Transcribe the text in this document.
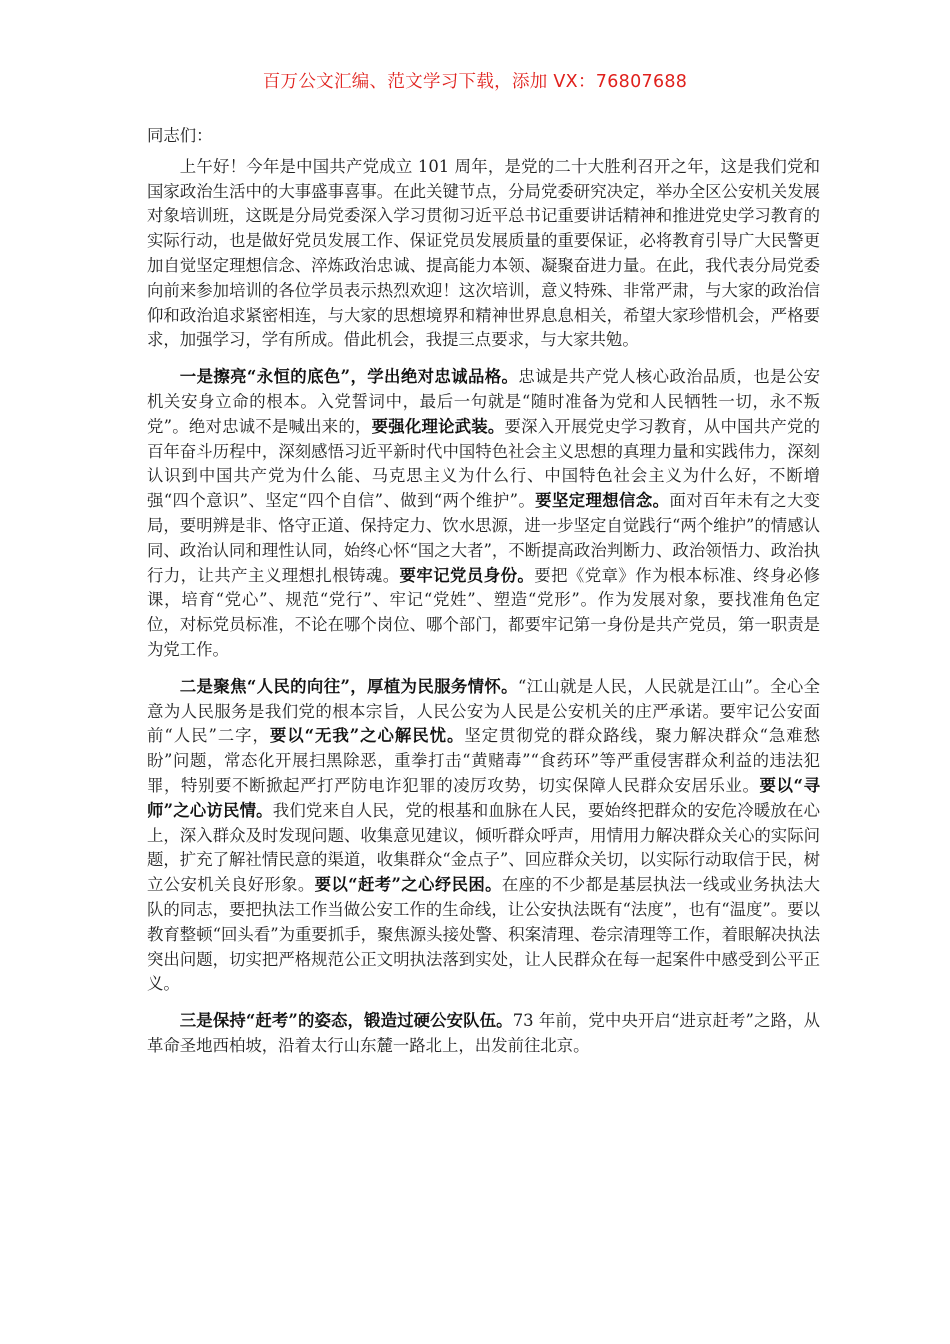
百万公文汇编、范文学习下载，添加 VX：76807688

同志们：

上午好！今年是中国共产党成立 101 周年，是党的二十大胜利召开之年，这是我们党和国家政治生活中的大事盛事喜事。在此关键节点，分局党委研究决定，举办全区公安机关发展对象培训班，这既是分局党委深入学习贯彻习近平总书记重要讲话精神和推进党史学习教育的实际行动，也是做好党员发展工作、保证党员发展质量的重要保证，必将教育引导广大民警更加自觉坚定理想信念、淬炼政治忠诚、提高能力本领、凝聚奋进力量。在此，我代表分局党委向前来参加培训的各位学员表示热烈欢迎！这次培训，意义特殊、非常严肃，与大家的政治信仰和政治追求紧密相连，与大家的思想境界和精神世界息息相关，希望大家珍惜机会，严格要求，加强学习，学有所成。借此机会，我提三点要求，与大家共勉。

一是擦亮“永恒的底色”，学出绝对忠诚品格。忠诚是共产党人核心政治品质，也是公安机关安身立命的根本。入党誓词中，最后一句就是“随时准备为党和人民牺牲一切，永不叛党”。绝对忠诚不是喊出来的，要强化理论武装。要深入开展党史学习教育，从中国共产党的百年奋斗历程中，深刻感悟习近平新时代中国特色社会主义思想的真理力量和实践伟力，深刻认识到中国共产党为什么能、马克思主义为什么行、中国特色社会主义为什么好，不断增强“四个意识”、坚定“四个自信”、做到“两个维护”。要坚定理想信念。面对百年未有之大变局，要明辨是非、恪守正道、保持定力、饮水思源，进一步坚定自觉践行“两个维护”的情感认同、政治认同和理性认同，始终心怀“国之大者”，不断提高政治判断力、政治领悟力、政治执行力，让共产主义理想扎根铸魂。要牢记党员身份。要把《党章》作为根本标准、终身必修课，培育“党心”、规范“党行”、牢记“党姓”、塑造“党形”。作为发展对象，要找准角色定位，对标党员标准，不论在哪个岗位、哪个部门，都要牢记第一身份是共产党员，第一职责是为党工作。

二是聚焦“人民的向往”，厚植为民服务情怀。“江山就是人民，人民就是江山”。全心全意为人民服务是我们党的根本宗旨，人民公安为人民是公安机关的庄严承诺。要牢记公安面前“人民”二字，要以“无我”之心解民忧。坚定贯彻党的群众路线，聚力解决群众“急难愁盼”问题，常态化开展扫黑除恶，重拳打击“黄赌毒”“食药环”等严重侵害群众利益的违法犯罪，特别要不断掀起严打严防电诈犯罪的凌厉攻势，切实保障人民群众安居乐业。要以“寻师”之心访民情。我们党来自人民，党的根基和血脉在人民，要始终把群众的安危冷暖放在心上，深入群众及时发现问题、收集意见建议，倾听群众呼声，用情用力解决群众关心的实际问题，扩充了解社情民意的渠道，收集群众“金点子”、回应群众关切，以实际行动取信于民，树立公安机关良好形象。要以“赶考”之心纾民困。在座的不少都是基层执法一线或业务执法大队的同志，要把执法工作当做公安工作的生命线，让公安执法既有“法度”，也有“温度”。要以教育整顿“回头看”为重要抓手，聚焦源头接处警、积案清理、卷宗清理等工作，着眼解决执法突出问题，切实把严格规范公正文明执法落到实处，让人民群众在每一起案件中感受到公平正义。

三是保持“赶考”的姿态，锻造过硬公安队伍。73 年前，党中央开启“进京赶考”之路，从革命圣地西柏坡，沿着太行山东麓一路北上，出发前往北京。
